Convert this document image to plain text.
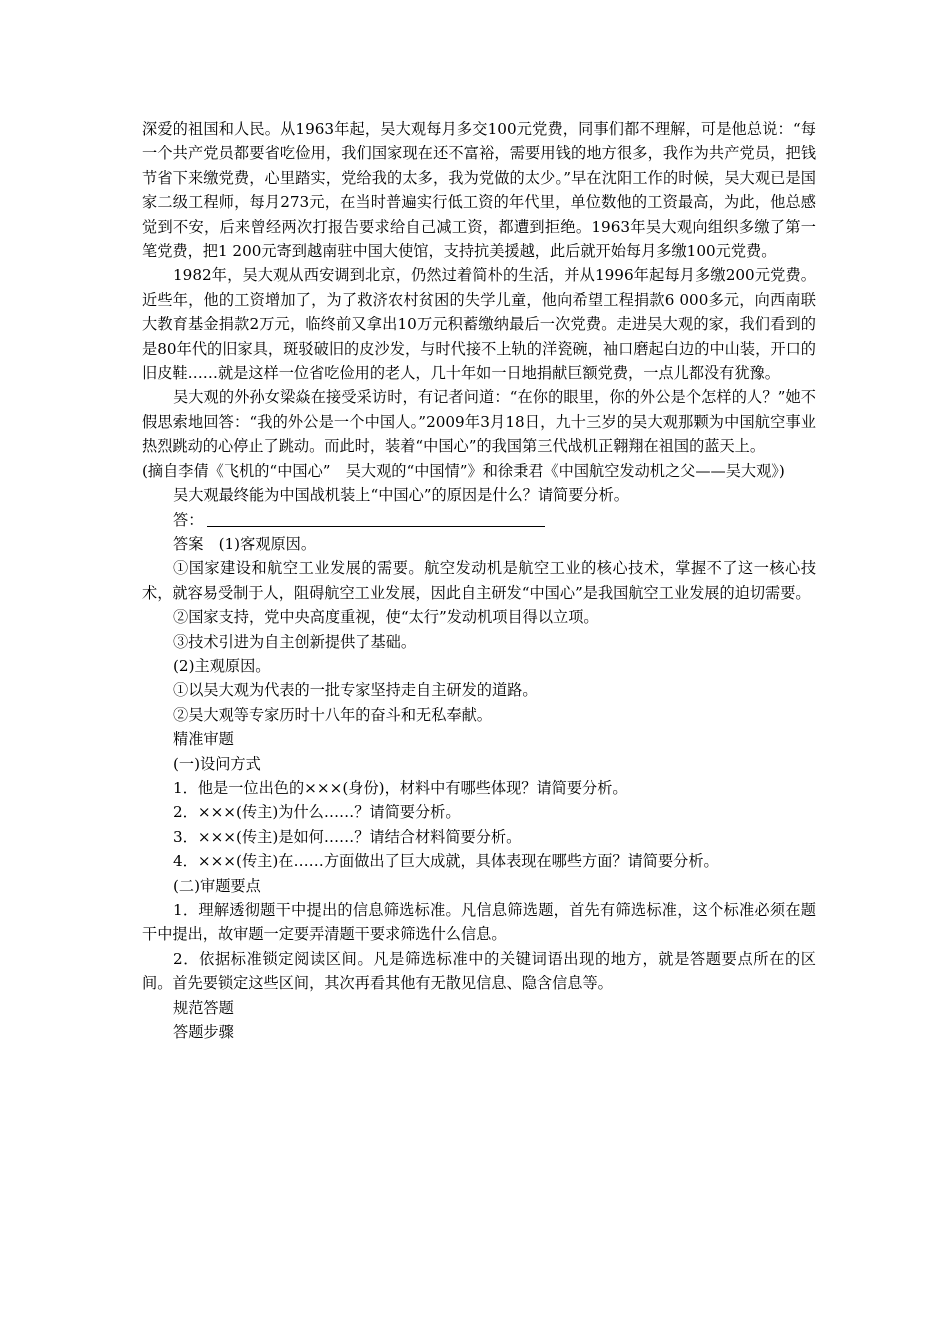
深爱的祖国和人民。从1963年起，吴大观每月多交100元党费，同事们都不理解，可是他总说：“每一个共产党员都要省吃俭用，我们国家现在还不富裕，需要用钱的地方很多，我作为共产党员，把钱节省下来缴党费，心里踏实，党给我的太多，我为党做的太少。”早在沈阳工作的时候，吴大观已是国家二级工程师，每月273元，在当时普遍实行低工资的年代里，单位数他的工资最高，为此，他总感觉到不安，后来曾经两次打报告要求给自己减工资，都遭到拒绝。1963年吴大观向组织多缴了第一笔党费，把1 200元寄到越南驻中国大使馆，支持抗美援越，此后就开始每月多缴100元党费。

1982年，吴大观从西安调到北京，仍然过着简朴的生活，并从1996年起每月多缴200元党费。近些年，他的工资增加了，为了救济农村贫困的失学儿童，他向希望工程捐款6 000多元，向西南联大教育基金捐款2万元，临终前又拿出10万元积蓄缴纳最后一次党费。走进吴大观的家，我们看到的是80年代的旧家具，斑驳破旧的皮沙发，与时代接不上轨的洋瓷碗，袖口磨起白边的中山装，开口的旧皮鞋……就是这样一位省吃俭用的老人，几十年如一日地捐献巨额党费，一点儿都没有犹豫。

吴大观的外孙女梁焱在接受采访时，有记者问道：“在你的眼里，你的外公是个怎样的人？”她不假思索地回答：“我的外公是一个中国人。”2009年3月18日，九十三岁的吴大观那颗为中国航空事业热烈跳动的心停止了跳动。而此时，装着“中国心”的我国第三代战机正翱翔在祖国的蓝天上。

(摘自李倩《飞机的“中国心”　吴大观的“中国情”》和徐秉君《中国航空发动机之父——吴大观》)

吴大观最终能为中国战机装上“中国心”的原因是什么？请简要分析。

答：

答案　(1)客观原因。

①国家建设和航空工业发展的需要。航空发动机是航空工业的核心技术，掌握不了这一核心技术，就容易受制于人，阻碍航空工业发展，因此自主研发“中国心”是我国航空工业发展的迫切需要。

②国家支持，党中央高度重视，使“太行”发动机项目得以立项。

③技术引进为自主创新提供了基础。

(2)主观原因。

①以吴大观为代表的一批专家坚持走自主研发的道路。

②吴大观等专家历时十八年的奋斗和无私奉献。

精准审题

(一)设问方式

1．他是一位出色的×××(身份)，材料中有哪些体现？请简要分析。

2．×××(传主)为什么……？请简要分析。

3．×××(传主)是如何……？请结合材料简要分析。

4．×××(传主)在……方面做出了巨大成就，具体表现在哪些方面？请简要分析。

(二)审题要点

1．理解透彻题干中提出的信息筛选标准。凡信息筛选题，首先有筛选标准，这个标准必须在题干中提出，故审题一定要弄清题干要求筛选什么信息。

2．依据标准锁定阅读区间。凡是筛选标准中的关键词语出现的地方，就是答题要点所在的区间。首先要锁定这些区间，其次再看其他有无散见信息、隐含信息等。

规范答题

答题步骤
